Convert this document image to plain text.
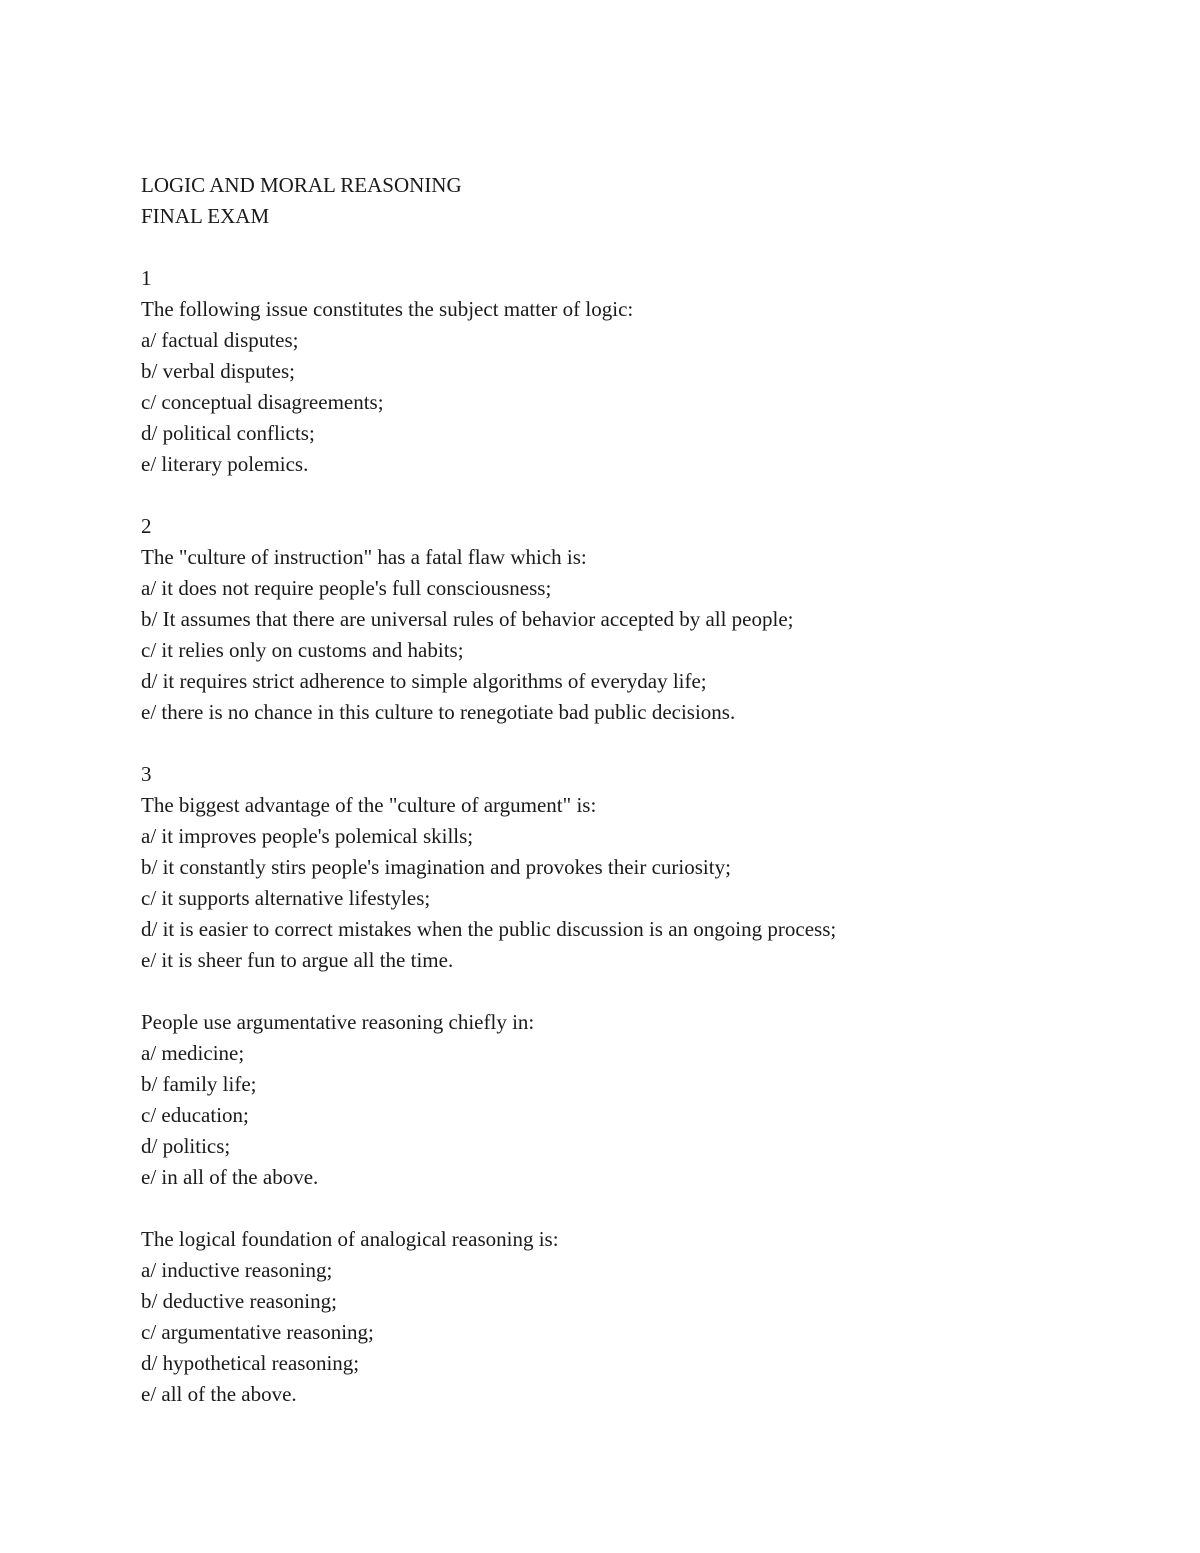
LOGIC AND MORAL REASONING
FINAL EXAM
1
The following issue constitutes the subject matter of logic:
a/ factual disputes;
b/ verbal disputes;
c/ conceptual disagreements;
d/ political conflicts;
e/ literary polemics.
2
The "culture of instruction" has a fatal flaw which is:
a/ it does not require people's full consciousness;
b/ It assumes that there are universal rules of behavior accepted by all people;
c/ it relies only on customs and habits;
d/ it requires strict adherence to simple algorithms of everyday life;
e/ there is no chance in this culture to renegotiate bad public decisions.
3
The biggest advantage of the "culture of argument" is:
a/ it improves people's polemical skills;
b/ it constantly stirs people's imagination and provokes their curiosity;
c/ it supports alternative lifestyles;
d/ it is easier to correct mistakes when the public discussion is an ongoing process;
e/ it is sheer fun to argue all the time.
People use argumentative reasoning chiefly in:
a/ medicine;
b/ family life;
c/ education;
d/ politics;
e/ in all of the above.
The logical foundation of analogical reasoning is:
a/ inductive reasoning;
b/ deductive reasoning;
c/ argumentative reasoning;
d/ hypothetical reasoning;
e/ all of the above.
